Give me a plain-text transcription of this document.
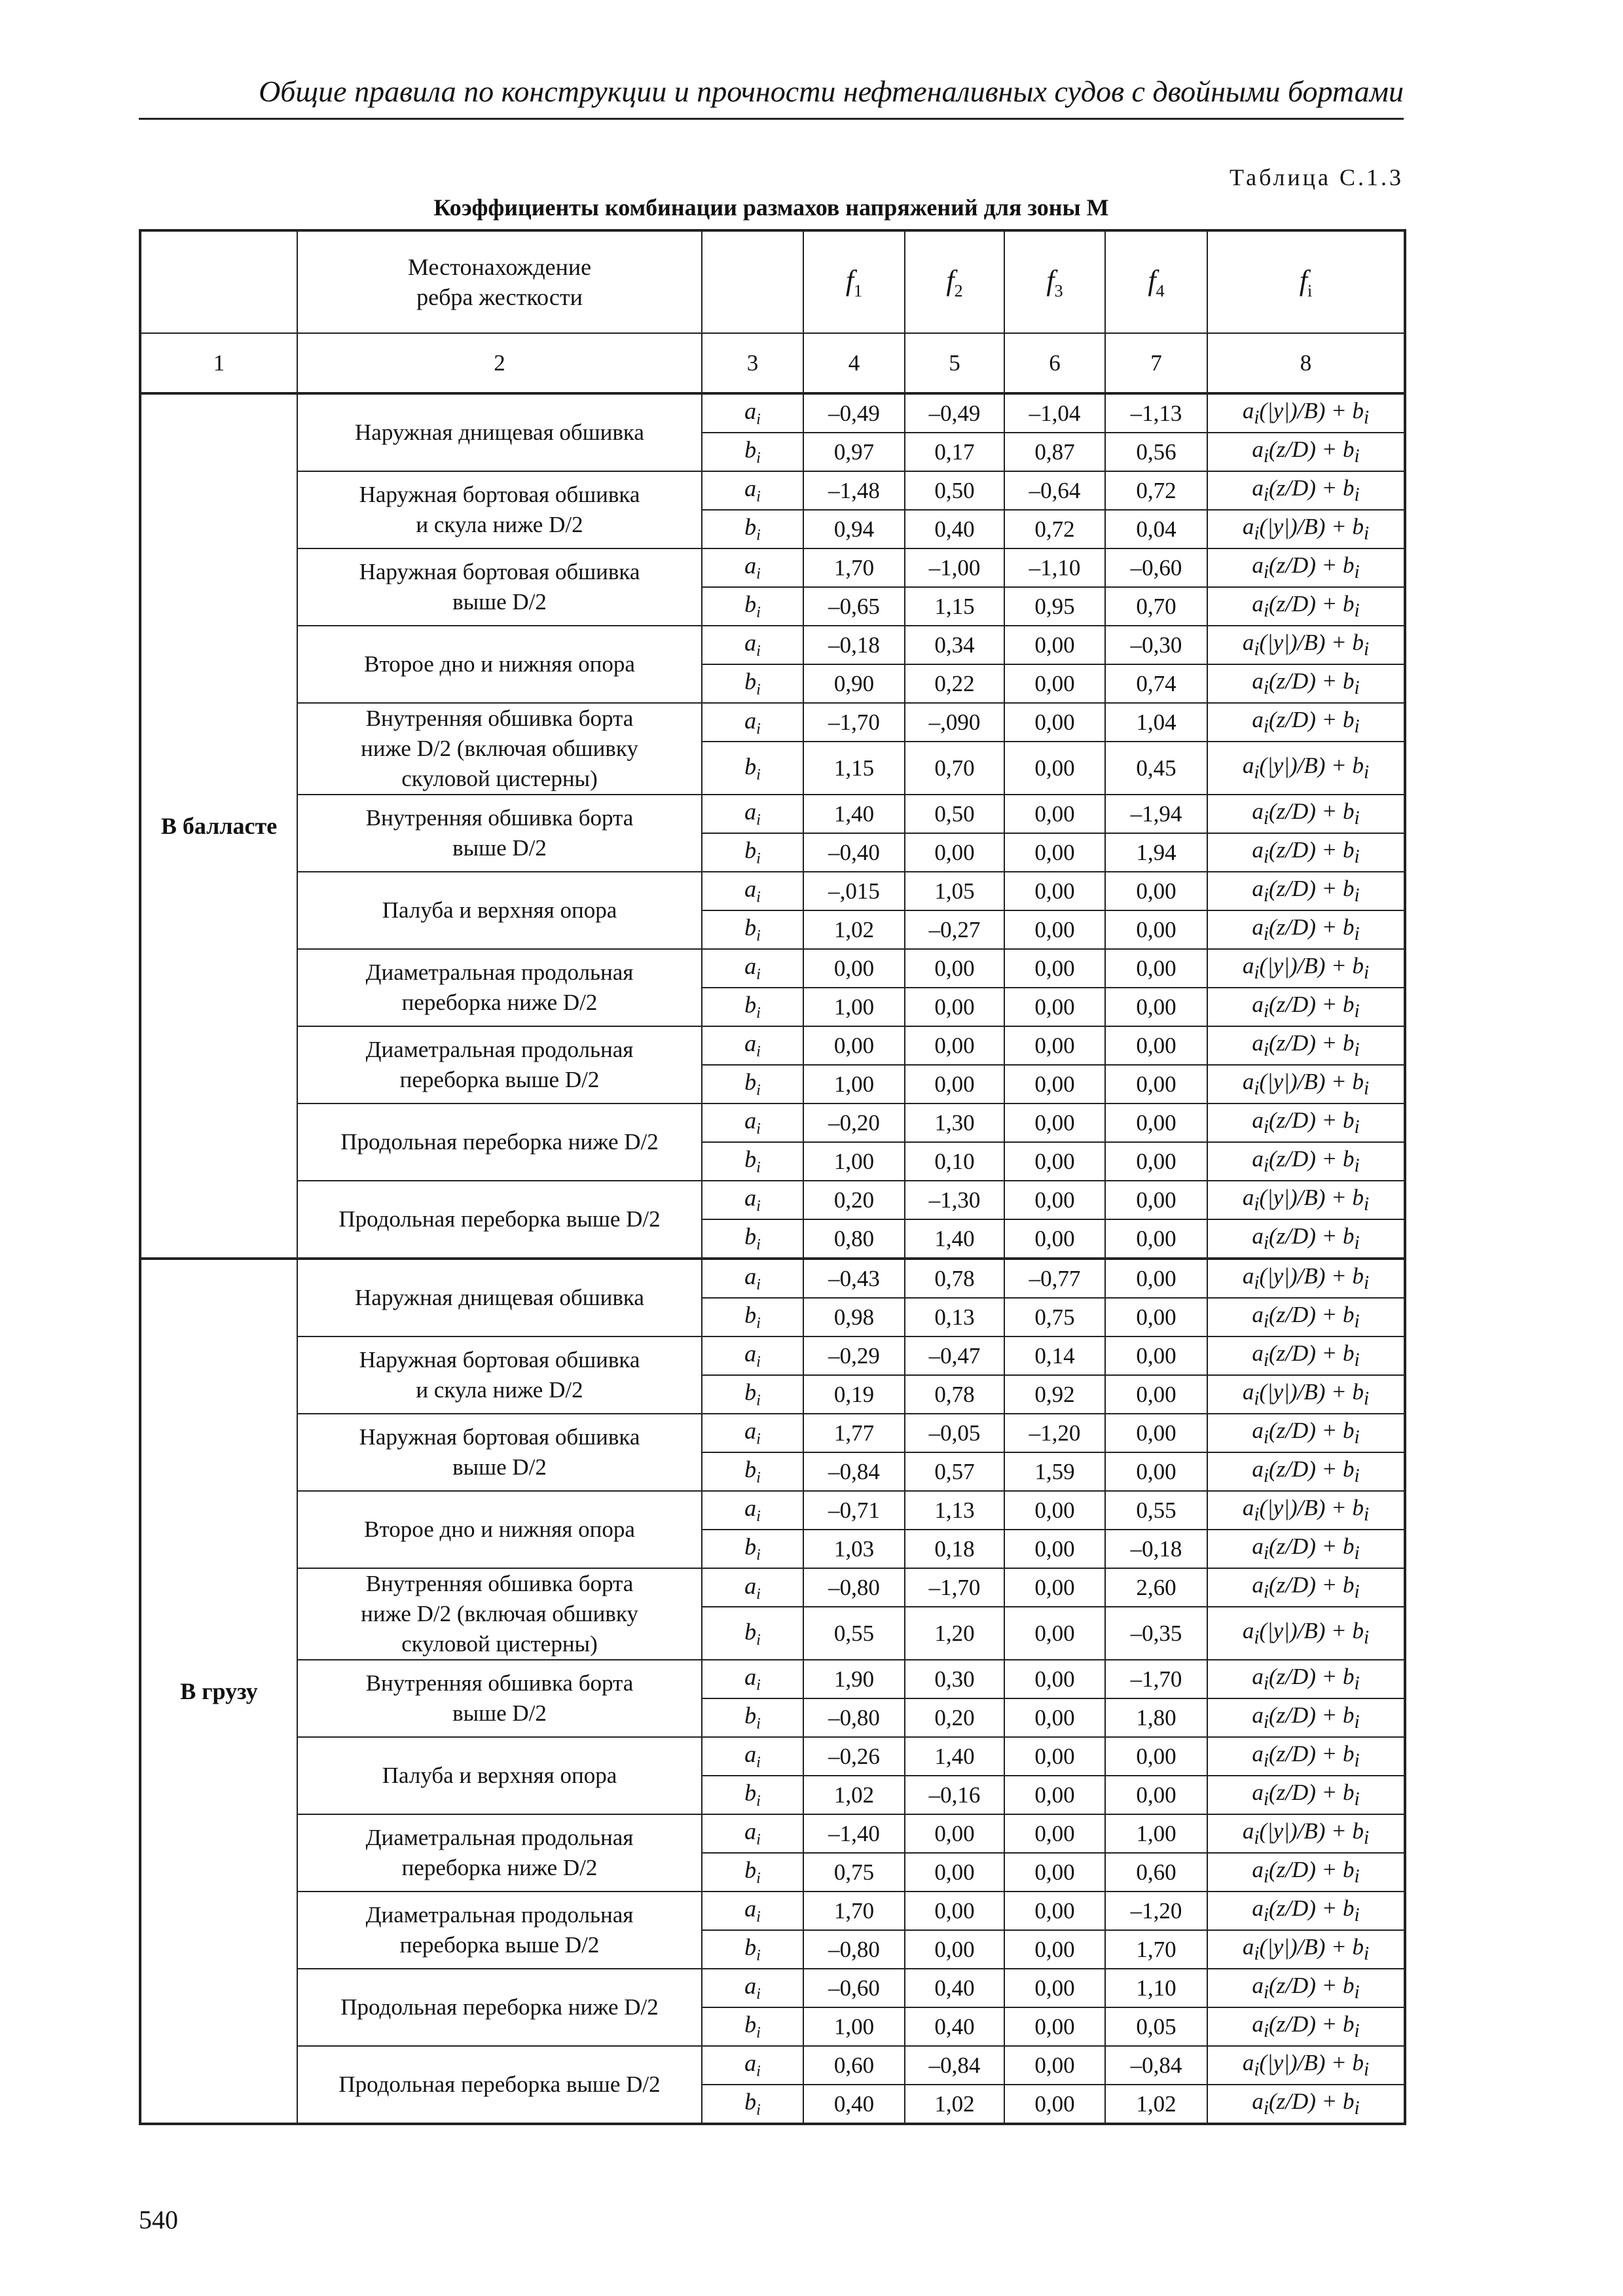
Общие правила по конструкции и прочности нефтеналивных судов с двойными бортами
Таблица С.1.3
Коэффициенты комбинации размахов напряжений для зоны М
	Местонахождение
ребра жесткости		$f_1$	$f_2$	$f_3$	$f_4$	$f_i$
1	2	3	4	5	6	7	8
В балласте	Наружная днищевая обшивка	$a_i$	–0,49	–0,49	–1,04	–1,13	$a_i(|y|)/B) + b_i$
		$b_i$	0,97	0,17	0,87	0,56	$a_i(z/D) + b_i$
	Наружная бортовая обшивка
и скула ниже D/2	$a_i$	–1,48	0,50	–0,64	0,72	$a_i(z/D) + b_i$
		$b_i$	0,94	0,40	0,72	0,04	$a_i(|y|)/B) + b_i$
	Наружная бортовая обшивка
выше D/2	$a_i$	1,70	–1,00	–1,10	–0,60	$a_i(z/D) + b_i$
		$b_i$	–0,65	1,15	0,95	0,70	$a_i(z/D) + b_i$
	Второе дно и нижняя опора	$a_i$	–0,18	0,34	0,00	–0,30	$a_i(|y|)/B) + b_i$
		$b_i$	0,90	0,22	0,00	0,74	$a_i(z/D) + b_i$
	Внутренняя обшивка борта
ниже D/2 (включая обшивку
скуловой цистерны)	$a_i$	–1,70	–,090	0,00	1,04	$a_i(z/D) + b_i$
		$b_i$	1,15	0,70	0,00	0,45	$a_i(|y|)/B) + b_i$
	Внутренняя обшивка борта
выше D/2	$a_i$	1,40	0,50	0,00	–1,94	$a_i(z/D) + b_i$
		$b_i$	–0,40	0,00	0,00	1,94	$a_i(z/D) + b_i$
	Палуба и верхняя опора	$a_i$	–,015	1,05	0,00	0,00	$a_i(z/D) + b_i$
		$b_i$	1,02	–0,27	0,00	0,00	$a_i(z/D) + b_i$
	Диаметральная продольная
переборка ниже D/2	$a_i$	0,00	0,00	0,00	0,00	$a_i(|y|)/B) + b_i$
		$b_i$	1,00	0,00	0,00	0,00	$a_i(z/D) + b_i$
	Диаметральная продольная
переборка выше D/2	$a_i$	0,00	0,00	0,00	0,00	$a_i(z/D) + b_i$
		$b_i$	1,00	0,00	0,00	0,00	$a_i(|y|)/B) + b_i$
	Продольная переборка ниже D/2	$a_i$	–0,20	1,30	0,00	0,00	$a_i(z/D) + b_i$
		$b_i$	1,00	0,10	0,00	0,00	$a_i(z/D) + b_i$
	Продольная переборка выше D/2	$a_i$	0,20	–1,30	0,00	0,00	$a_i(|y|)/B) + b_i$
		$b_i$	0,80	1,40	0,00	0,00	$a_i(z/D) + b_i$
В грузу	Наружная днищевая обшивка	$a_i$	–0,43	0,78	–0,77	0,00	$a_i(|y|)/B) + b_i$
		$b_i$	0,98	0,13	0,75	0,00	$a_i(z/D) + b_i$
	Наружная бортовая обшивка
и скула ниже D/2	$a_i$	–0,29	–0,47	0,14	0,00	$a_i(z/D) + b_i$
		$b_i$	0,19	0,78	0,92	0,00	$a_i(|y|)/B) + b_i$
	Наружная бортовая обшивка
выше D/2	$a_i$	1,77	–0,05	–1,20	0,00	$a_i(z/D) + b_i$
		$b_i$	–0,84	0,57	1,59	0,00	$a_i(z/D) + b_i$
	Второе дно и нижняя опора	$a_i$	–0,71	1,13	0,00	0,55	$a_i(|y|)/B) + b_i$
		$b_i$	1,03	0,18	0,00	–0,18	$a_i(z/D) + b_i$
	Внутренняя обшивка борта
ниже D/2 (включая обшивку
скуловой цистерны)	$a_i$	–0,80	–1,70	0,00	2,60	$a_i(z/D) + b_i$
		$b_i$	0,55	1,20	0,00	–0,35	$a_i(|y|)/B) + b_i$
	Внутренняя обшивка борта
выше D/2	$a_i$	1,90	0,30	0,00	–1,70	$a_i(z/D) + b_i$
		$b_i$	–0,80	0,20	0,00	1,80	$a_i(z/D) + b_i$
	Палуба и верхняя опора	$a_i$	–0,26	1,40	0,00	0,00	$a_i(z/D) + b_i$
		$b_i$	1,02	–0,16	0,00	0,00	$a_i(z/D) + b_i$
	Диаметральная продольная
переборка ниже D/2	$a_i$	–1,40	0,00	0,00	1,00	$a_i(|y|)/B) + b_i$
		$b_i$	0,75	0,00	0,00	0,60	$a_i(z/D) + b_i$
	Диаметральная продольная
переборка выше D/2	$a_i$	1,70	0,00	0,00	–1,20	$a_i(z/D) + b_i$
		$b_i$	–0,80	0,00	0,00	1,70	$a_i(|y|)/B) + b_i$
	Продольная переборка ниже D/2	$a_i$	–0,60	0,40	0,00	1,10	$a_i(z/D) + b_i$
		$b_i$	1,00	0,40	0,00	0,05	$a_i(z/D) + b_i$
	Продольная переборка выше D/2	$a_i$	0,60	–0,84	0,00	–0,84	$a_i(|y|)/B) + b_i$
		$b_i$	0,40	1,02	0,00	1,02	$a_i(z/D) + b_i$
540
